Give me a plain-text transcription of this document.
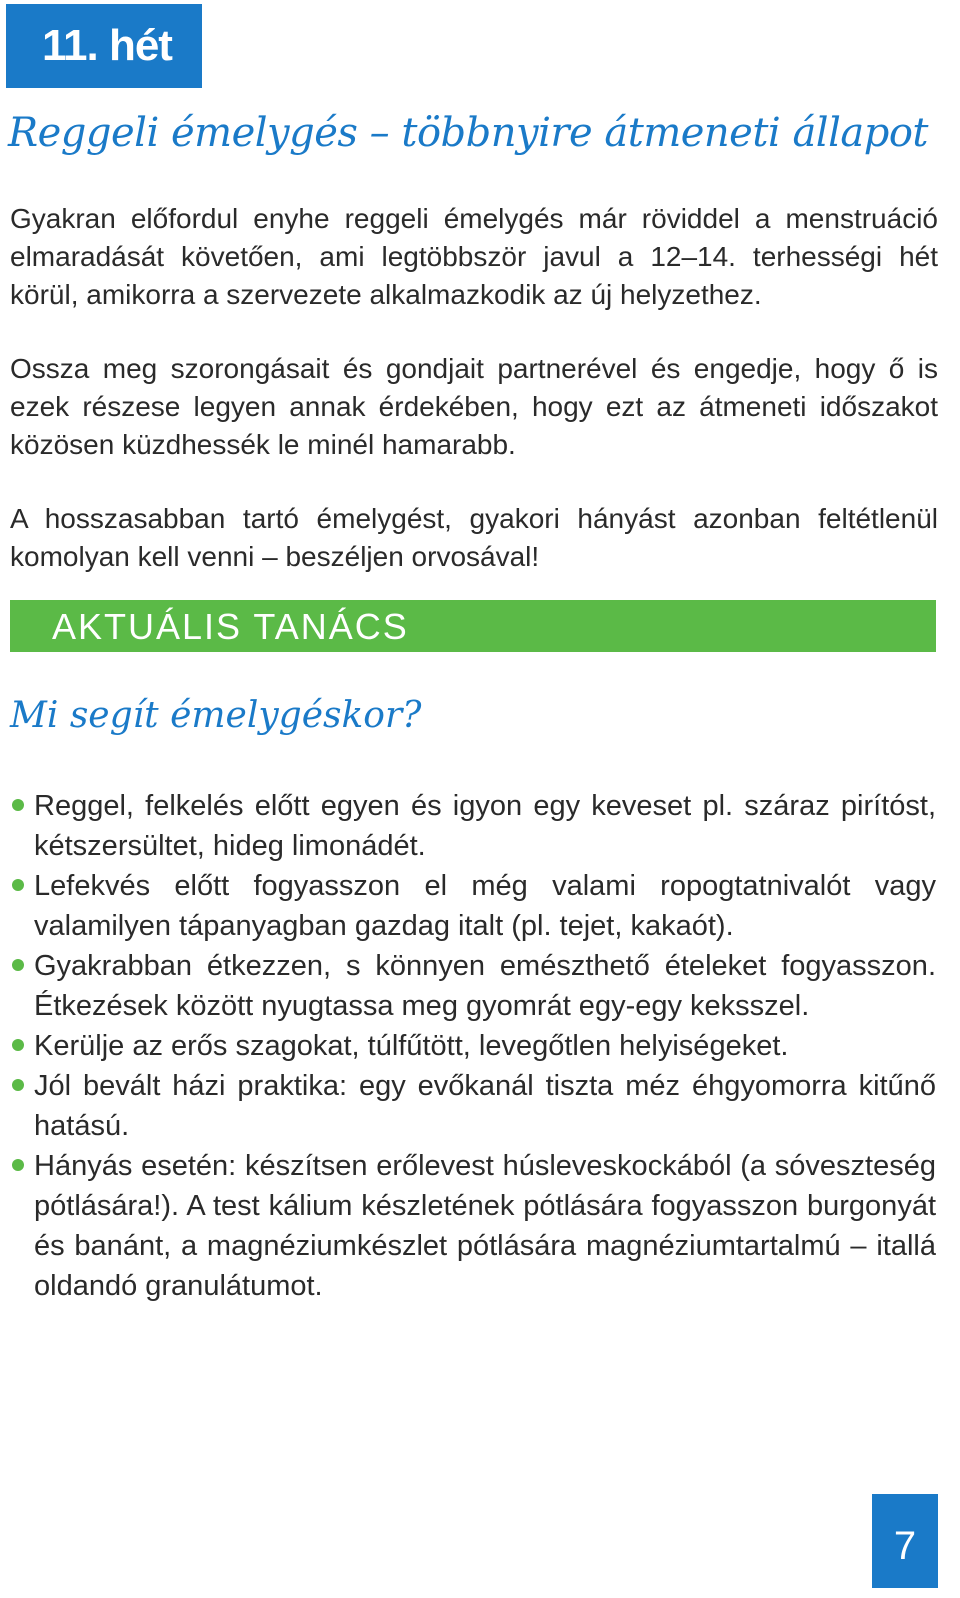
11. hét
Reggeli émelygés – többnyire átmeneti állapot

Gyakran előfordul enyhe reggeli émelygés már röviddel a menstruáció elmaradását követően, ami legtöbbször javul a 12–14. terhességi hét körül, amikorra a szervezete alkalmazkodik az új helyzethez.

Ossza meg szorongásait és gondjait partnerével és engedje, hogy ő is ezek részese legyen annak érdekében, hogy ezt az átmeneti időszakot közösen küzdhessék le minél hamarabb.

A hosszasabban tartó émelygést, gyakori hányást azonban feltétlenül komolyan kell venni – beszéljen orvosával!

AKTUÁLIS TANÁCS
Mi segít émelygéskor?
Reggel, felkelés előtt egyen és igyon egy keveset pl. száraz pirítóst, kétszersültet, hideg limonádét.
Lefekvés előtt fogyasszon el még valami ropogtatnivalót vagy valamilyen tápanyagban gazdag italt (pl. tejet, kakaót).
Gyakrabban étkezzen, s könnyen emészthető ételeket fogyasszon. Étkezések között nyugtassa meg gyomrát egy-egy keksszel.
Kerülje az erős szagokat, túlfűtött, levegőtlen helyiségeket.
Jól bevált házi praktika: egy evőkanál tiszta méz éhgyomorra kitűnő hatású.
Hányás esetén: készítsen erőlevest húsleveskockából (a sóveszteség pótlására!). A test kálium készletének pótlására fogyasszon burgonyát és banánt, a magnéziumkészlet pótlására magnéziumtartalmú – itallá oldandó granulátumot.
7
